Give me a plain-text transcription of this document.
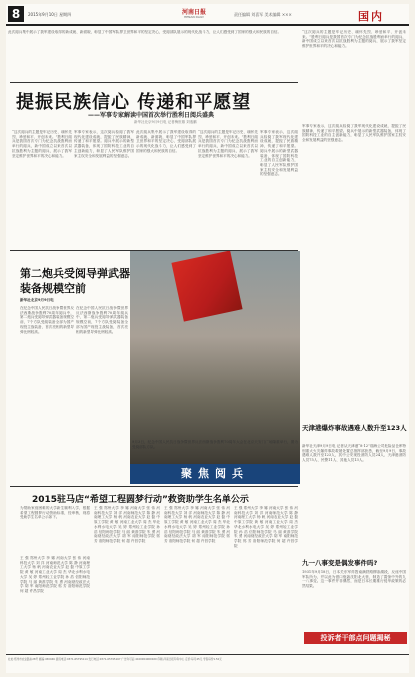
8	2015年9月10日 星期四	河南日报
HENAN DAILY	责任编辑 刘喜军 美术编辑 ×××	国内
此次阅兵集中展示了我军建设取得的新成就、新面貌，彰显了中国军队捍卫世界和平的坚定决心，受阅部队展示的现代化战斗力，让人们感受到了国家的强大和民族的自信。	“这次阅兵的主题是牢记历史、缅怀先烈、珍爱和平、开创未来。”胜利日阅兵是我国首次专门为纪念抗战胜利而举行的阅兵，新中国成立以来首次以抗战胜利为主题的阅兵，展示了我军坚定维护世界和平的决心和能力。
提振民族信心 传递和平愿望
——军事专家解读中国首次举行胜利日阅兵盛典
新华社北京9月9日电 记者梅世雄 刘逸鹏
“这次阅兵的主题是牢记历史、缅怀先烈、珍爱和平、开创未来。”胜利日阅兵是我国首次专门为纪念抗战胜利而举行的阅兵，新中国成立以来首次以抗战胜利为主题的阅兵，展示了我军坚定维护世界和平的决心和能力。
军事专家表示，这次阅兵检阅了我军现代化建设成就，提振了民族精神，传递了和平愿望。阅兵中展示的新型武器装备，体现了国防科技工业的自主创新能力，彰显了人民军队维护国家主权安全和发展利益的坚强意志。
此次阅兵集中展示了我军建设取得的新成就、新面貌，彰显了中国军队捍卫世界和平的坚定决心，受阅部队展示的现代化战斗力，让人们感受到了国家的强大和民族的自信。
“这次阅兵的主题是牢记历史、缅怀先烈、珍爱和平、开创未来。”胜利日阅兵是我国首次专门为纪念抗战胜利而举行的阅兵，新中国成立以来首次以抗战胜利为主题的阅兵，展示了我军坚定维护世界和平的决心和能力。
军事专家表示，这次阅兵检阅了我军现代化建设成就，提振了民族精神，传递了和平愿望。阅兵中展示的新型武器装备，体现了国防科技工业的自主创新能力，彰显了人民军队维护国家主权安全和发展利益的坚强意志。
军事专家表示，这次阅兵检阅了我军现代化建设成就，提振了民族精神，传递了和平愿望。阅兵中展示的新型武器装备，体现了国防科技工业的自主创新能力，彰显了人民军队维护国家主权安全和发展利益的坚强意志。
第二炮兵受阅导弹武器装备规模空前
新华社北京9月9日电
在纪念中国人民抗日战争暨世界反法西斯战争胜利70周年阅兵中，第二炮兵受阅导弹武器装备规模空前，7个方队受阅装备全部为国产现役主战装备，首次亮相的新型导弹比例较高。
在纪念中国人民抗日战争暨世界反法西斯战争胜利70周年阅兵中，第二炮兵受阅导弹武器装备规模空前，7个方队受阅装备全部为国产现役主战装备，首次亮相的新型导弹比例较高。
9月3日，纪念中国人民抗日战争暨世界反法西斯战争胜利70周年大会在北京天安门广场隆重举行，图为受阅部队方队。
聚焦阅兵
天津港爆炸事故遇难人数升至123人
新华社天津9月9日电 记者从天津港“8·12”瑞海公司危险品仓库特别重大火灾爆炸事故救援处置总指挥部获悉，截至9月9日，事故遇难人数升至123人，其中公安现役消防人员24人、天津港消防人员75人、民警11人、其他人员13人。
九一八事变是偶发事件吗?
1931年9月18日，日本关东军炸毁南满铁路柳条湖段，反诬中国军队所为，并以此为借口炮轰沈阳北大营，制造了震惊中外的九一八事变。这一事件并非偶然，而是日本长期推行侵华政策的必然结果。
投诉者干部点问题揭秘
2015驻马店“希望工程圆梦行动”救资助学生名单公示
为帮助家庭困难的大学新生顺利入学，根据希望工程圆梦行动资助标准，经审核，现将受助学生名单公示如下。
王 强 郑州大学 李 娜 河南大学 张 伟 河南科技大学 刘 洋 河南师范大学 陈 静 河南理工大学 杨 帆 河南农业大学 赵 磊 中原工学院 黄 敏 河南工业大学 周 杰 华北水利水电大学 吴 婷 郑州轻工业学院 孙 浩 信阳师范学院 马 丽 黄淮学院 朱 勇 河南财经政法大学 胡 军 南阳师范学院 郭 芳 洛阳师范学院 何 超 许昌学院
王 强 郑州大学 李 娜 河南大学 张 伟 河南科技大学 刘 洋 河南师范大学 陈 静 河南理工大学 杨 帆 河南农业大学 赵 磊 中原工学院 黄 敏 河南工业大学 周 杰 华北水利水电大学 吴 婷 郑州轻工业学院 孙 浩 信阳师范学院 马 丽 黄淮学院 朱 勇 河南财经政法大学 胡 军 南阳师范学院 郭 芳 洛阳师范学院 何 超 许昌学院
王 强 郑州大学 李 娜 河南大学 张 伟 河南科技大学 刘 洋 河南师范大学 陈 静 河南理工大学 杨 帆 河南农业大学 赵 磊 中原工学院 黄 敏 河南工业大学 周 杰 华北水利水电大学 吴 婷 郑州轻工业学院 孙 浩 信阳师范学院 马 丽 黄淮学院 朱 勇 河南财经政法大学 胡 军 南阳师范学院 郭 芳 洛阳师范学院 何 超 许昌学院
王 强 郑州大学 李 娜 河南大学 张 伟 河南科技大学 刘 洋 河南师范大学 陈 静 河南理工大学 杨 帆 河南农业大学 赵 磊 中原工学院 黄 敏 河南工业大学 周 杰 华北水利水电大学 吴 婷 郑州轻工业学院 孙 浩 信阳师范学院 马 丽 黄淮学院 朱 勇 河南财经政法大学 胡 军 南阳师范学院 郭 芳 洛阳师范学院 何 超 许昌学院
社址:郑州市农业路东28号 邮编:450046 值班电话:0371-65795114 发行电话:0371-65795167 广告许可证:4100004000020 印刷:河南日报印务中心 定价:每月45元 零售每份1.50元
